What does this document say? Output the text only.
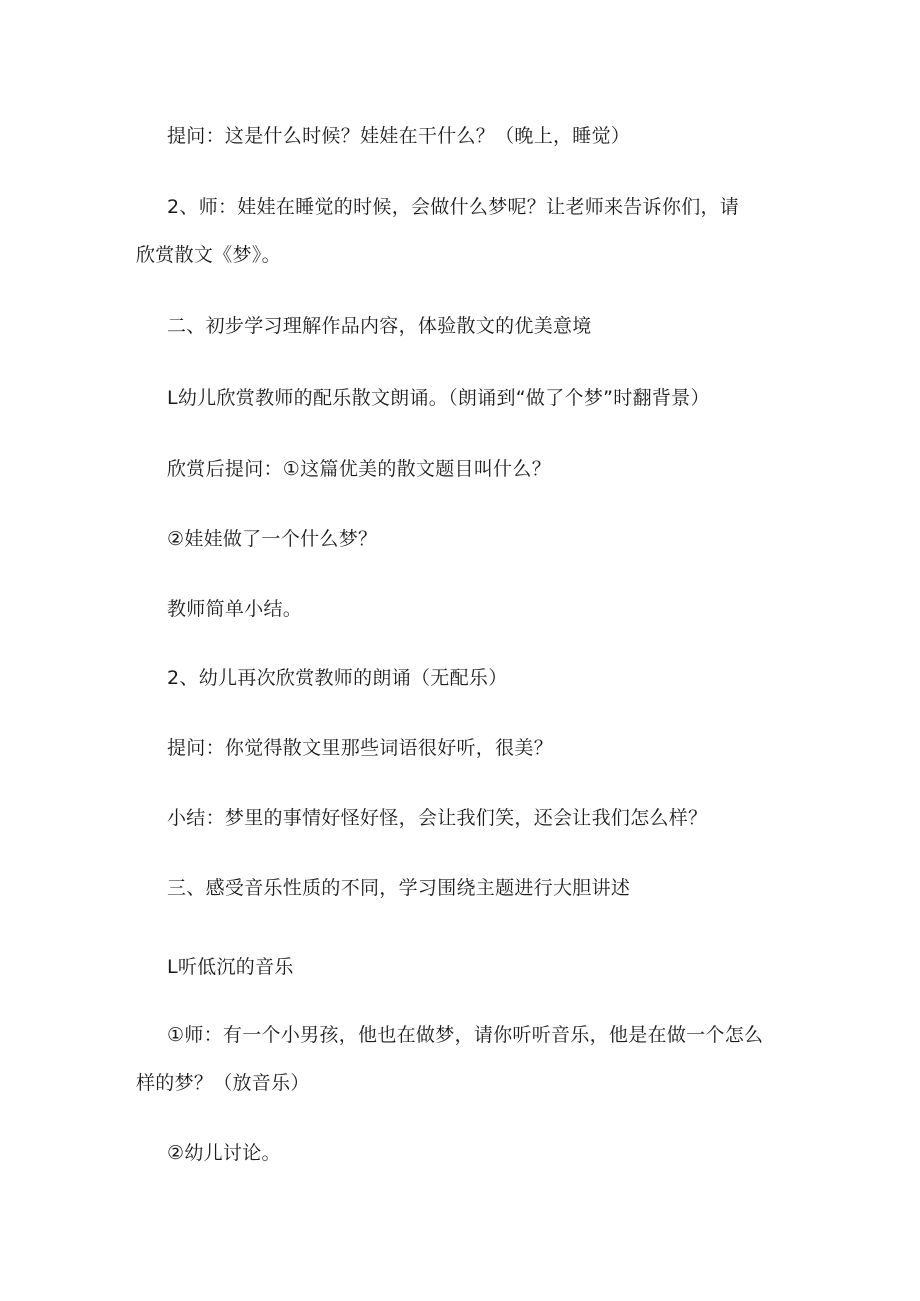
提问：这是什么时候？娃娃在干什么？（晚上，睡觉）
2、师：娃娃在睡觉的时候，会做什么梦呢？让老师来告诉你们，请
欣赏散文《梦》。
二、初步学习理解作品内容，体验散文的优美意境
L幼儿欣赏教师的配乐散文朗诵。（朗诵到“做了个梦”时翻背景）
欣赏后提问：①这篇优美的散文题目叫什么？
②娃娃做了一个什么梦？
教师简单小结。
2、幼儿再次欣赏教师的朗诵（无配乐）
提问：你觉得散文里那些词语很好听，很美？
小结：梦里的事情好怪好怪，会让我们笑，还会让我们怎么样？
三、感受音乐性质的不同，学习围绕主题进行大胆讲述
L听低沉的音乐
①师：有一个小男孩，他也在做梦，请你听听音乐，他是在做一个怎么
样的梦？（放音乐）
②幼儿讨论。
